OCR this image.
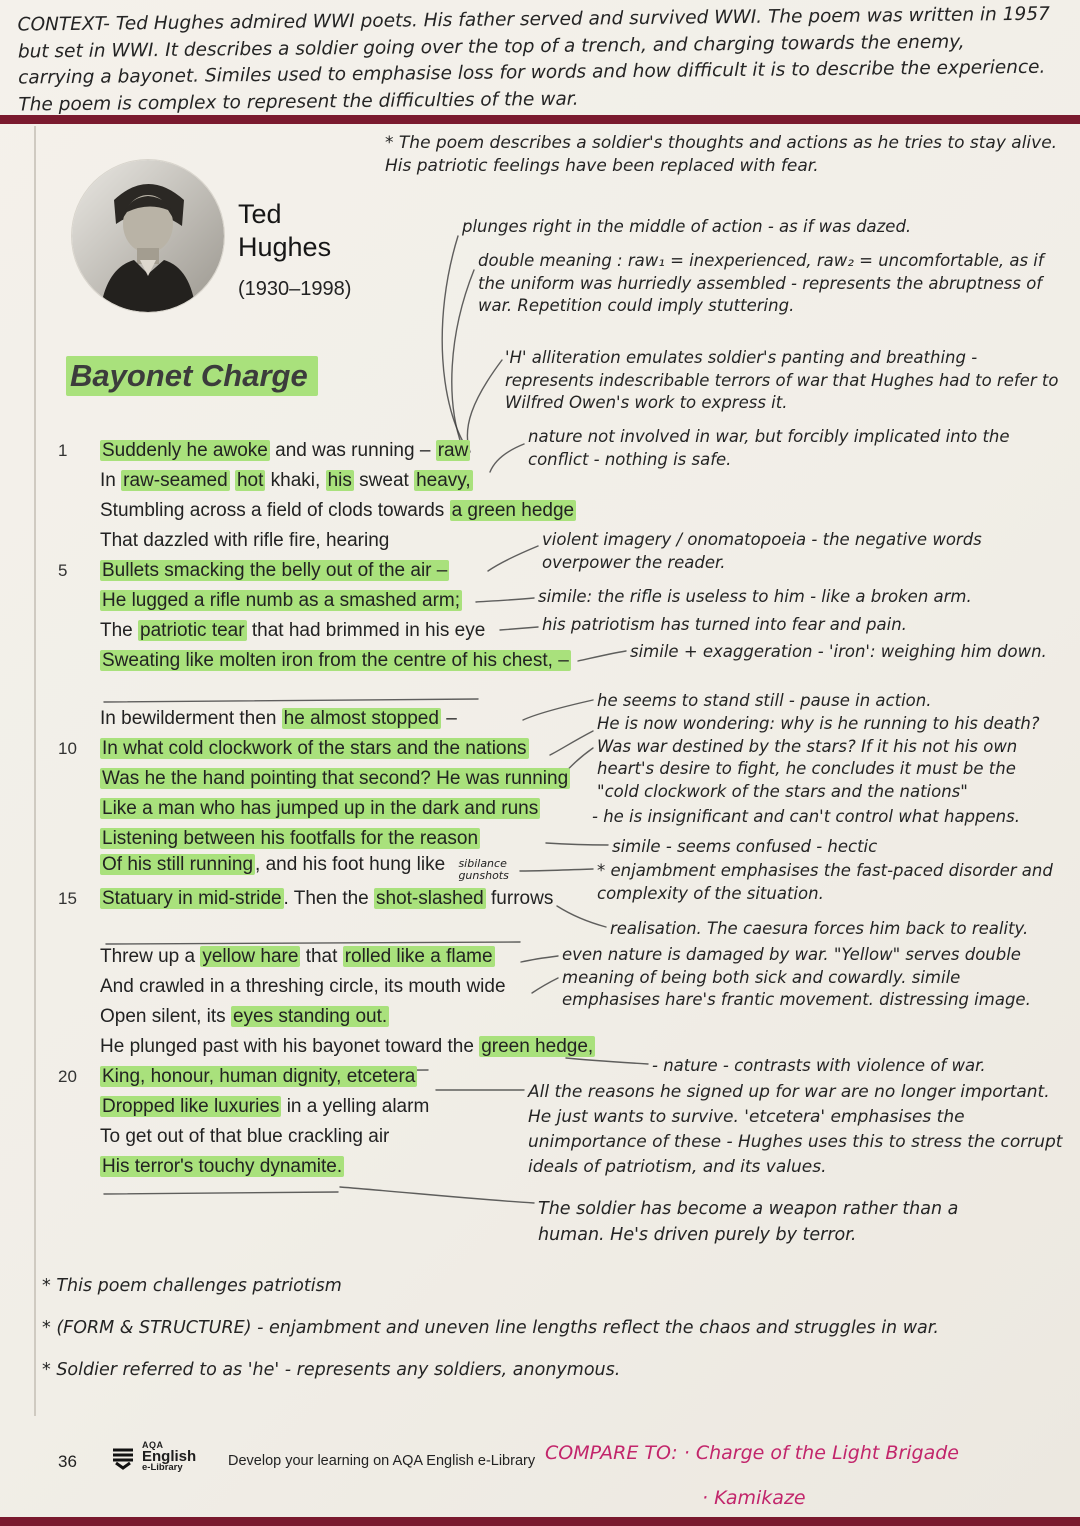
CONTEXT- Ted Hughes admired WWI poets. His father served and survived WWI. The poem was written in 1957
but set in WWI. It describes a soldier going over the top of a trench, and charging towards the enemy,
carrying a bayonet. Similes used to emphasise loss for words and how difficult it is to describe the experience.
The poem is complex to represent the difficulties of the war.
Ted
Hughes
(1930–1998)
Bayonet Charge
1	Suddenly he awoke and was running – raw
In raw-seamed hot khaki, his sweat heavy,
Stumbling across a field of clods towards a green hedge
That dazzled with rifle fire, hearing
5	Bullets smacking the belly out of the air –
He lugged a rifle numb as a smashed arm;
The patriotic tear that had brimmed in his eye
Sweating like molten iron from the centre of his chest, –
In bewilderment then he almost stopped –
10	In what cold clockwork of the stars and the nations
Was he the hand pointing that second? He was running
Like a man who has jumped up in the dark and runs
Listening between his footfalls for the reason
Of his still running , and his foot hung like sibilance
gunshots
15	Statuary in mid-stride . Then the shot-slashed furrows
Threw up a yellow hare that rolled like a flame
And crawled in a threshing circle, its mouth wide
Open silent, its eyes standing out.
He plunged past with his bayonet toward the green hedge,
20	King, honour, human dignity, etcetera
Dropped like luxuries in a yelling alarm
To get out of that blue crackling air
His terror's touchy dynamite.
* The poem describes a soldier's thoughts and actions as he tries to stay alive. His patriotic feelings have been replaced with fear.
plunges right in the middle of action - as if was dazed.
double meaning : raw₁ = inexperienced, raw₂ = uncomfortable, as if the uniform was hurriedly assembled - represents the abruptness of war. Repetition could imply stuttering.
'H' alliteration emulates soldier's panting and breathing - represents indescribable terrors of war that Hughes had to refer to Wilfred Owen's work to express it.
nature not involved in war, but forcibly implicated into the conflict - nothing is safe.
violent imagery / onomatopoeia - the negative words overpower the reader.
simile: the rifle is useless to him - like a broken arm.
his patriotism has turned into fear and pain.
simile + exaggeration - 'iron': weighing him down.
he seems to stand still - pause in action.
He is now wondering: why is he running to his death? Was war destined by the stars? If it his not his own heart's desire to fight, he concludes it must be the "cold clockwork of the stars and the nations"
- he is insignificant and can't control what happens.
simile - seems confused - hectic
* enjambment emphasises the fast-paced disorder and complexity of the situation.
realisation. The caesura forces him back to reality.
even nature is damaged by war. "Yellow" serves double meaning of being both sick and cowardly. simile emphasises hare's frantic movement. distressing image.
- nature - contrasts with violence of war.
All the reasons he signed up for war are no longer important. He just wants to survive. 'etcetera' emphasises the unimportance of these - Hughes uses this to stress the corrupt ideals of patriotism, and its values.
The soldier has become a weapon rather than a human. He's driven purely by terror.
* This poem challenges patriotism
* (FORM & STRUCTURE) - enjambment and uneven line lengths reflect the chaos and struggles in war.
* Soldier referred to as 'he' - represents any soldiers, anonymous.
36
AQA
English
e-Library	Develop your learning on AQA English e-Library COMPARE TO: · Charge of the Light Brigade
· Kamikaze
